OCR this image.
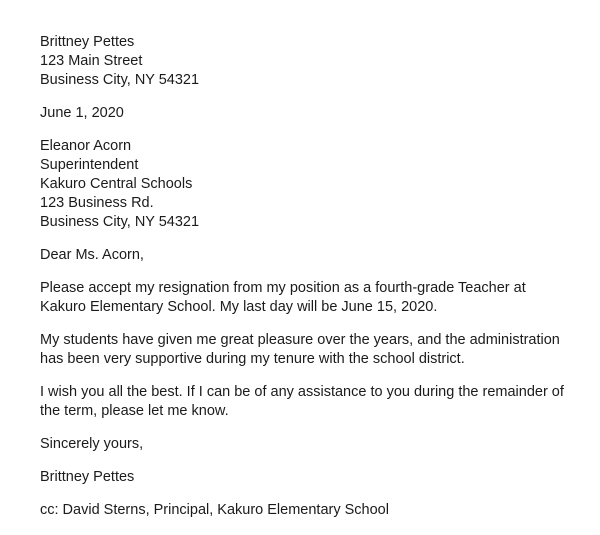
Brittney Pettes
123 Main Street
Business City, NY 54321
June 1, 2020
Eleanor Acorn
Superintendent
Kakuro Central Schools
123 Business Rd.
Business City, NY 54321
Dear Ms. Acorn,
Please accept my resignation from my position as a fourth-grade Teacher at
Kakuro Elementary School. My last day will be June 15, 2020.
My students have given me great pleasure over the years, and the administration
has been very supportive during my tenure with the school district.
I wish you all the best. If I can be of any assistance to you during the remainder of
the term, please let me know.
Sincerely yours,
Brittney Pettes
cc: David Sterns, Principal, Kakuro Elementary School
